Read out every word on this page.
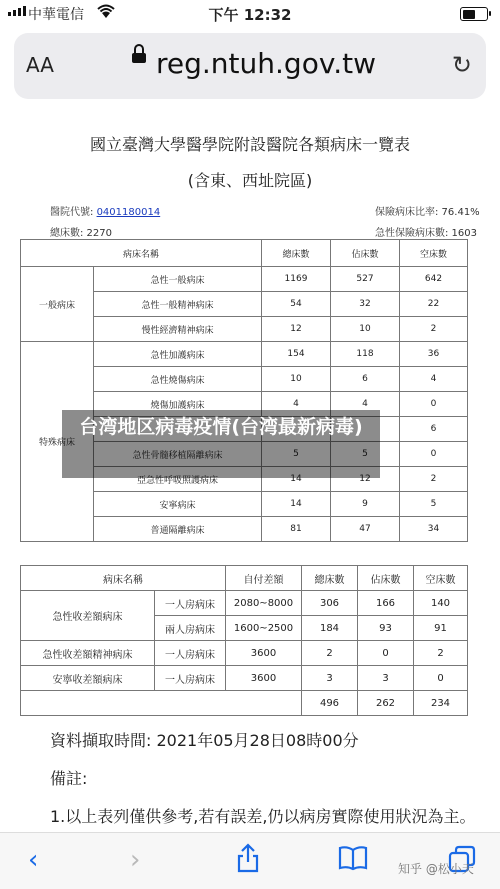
中華電信	下午 12:32
AA	reg.ntuh.gov.tw	↻
國立臺灣大學醫學院附設醫院各類病床一覽表
(含東、西址院區)
醫院代號: 0401180014
總床數: 2270
保險病床比率: 76.41%
急性保險病床數: 1603
病床名稱		總床數	佔床數	空床數
一般病床	急性一般病床	1169	527	642
	急性一般精神病床	54	32	22
	慢性經濟精神病床	12	10	2
特殊病床	急性加護病床	154	118	36
	急性燒傷病床	10	6	4
	燒傷加護病床	4	4	0
				6
	急性骨髓移植隔離病床	5	5	0
	亞急性呼吸照護病床	14	12	2
	安寧病床	14	9	5
	普通隔離病床	81	47	34
病床名稱		自付差額	總床數	佔床數	空床數
急性收差額病床	一人房病床	2080~8000	306	166	140
	兩人房病床	1600~2500	184	93	91
急性收差額精神病床	一人房病床	3600	2	0	2
安寧收差額病床	一人房病床	3600	3	3	0
			496	262	234
資料擷取時間: 2021年05月28日08時00分
備註:
1.以上表列僅供參考,若有誤差,仍以病房實際使用狀況為主。
台湾地区病毒疫情(台湾最新病毒)
‹	›	知乎 @松小天
